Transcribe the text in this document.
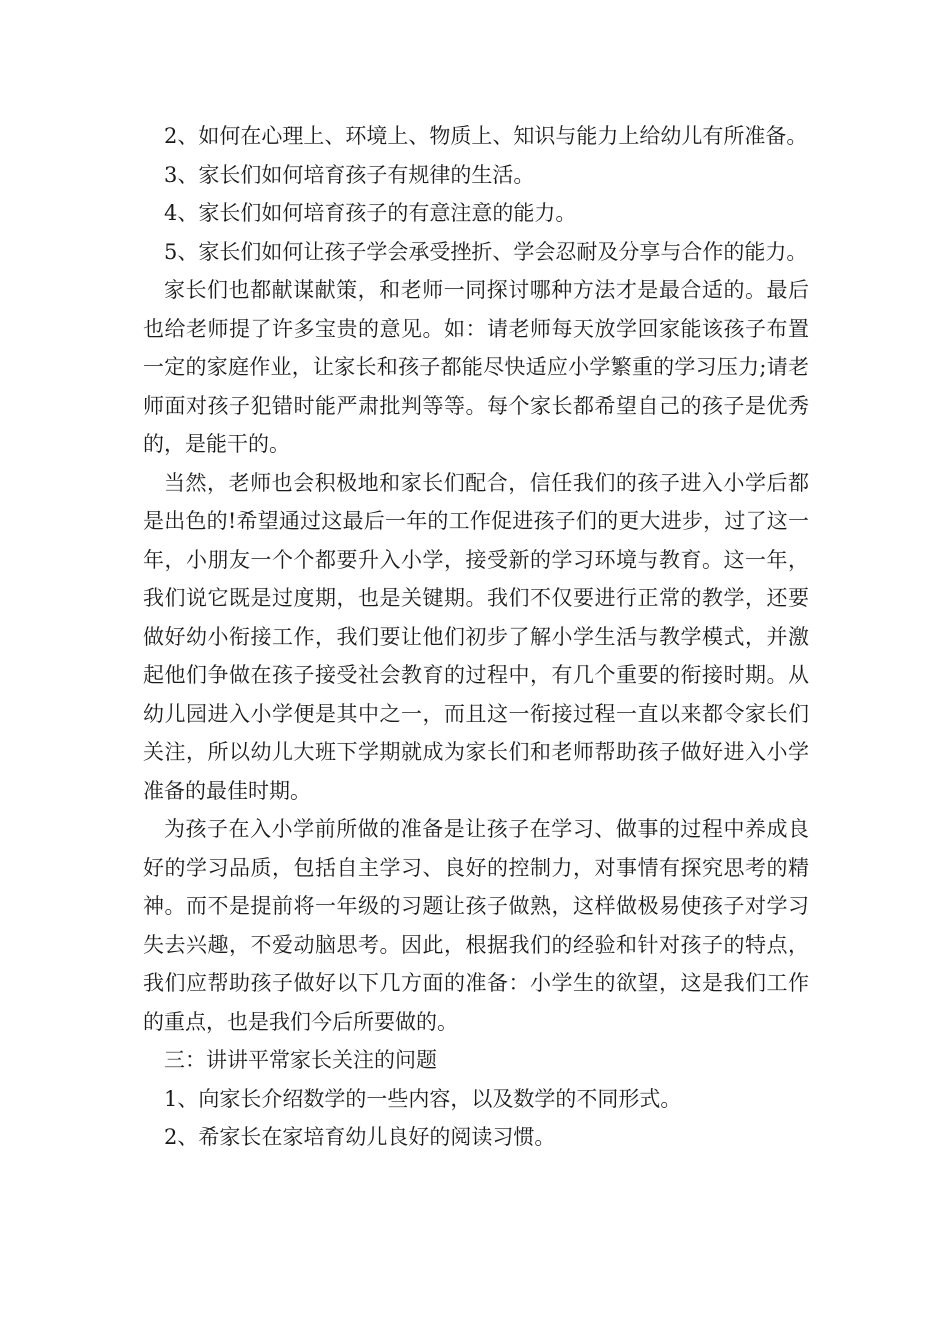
2、如何在心理上、环境上、物质上、知识与能力上给幼儿有所准备。

3、家长们如何培育孩子有规律的生活。

4、家长们如何培育孩子的有意注意的能力。

5、家长们如何让孩子学会承受挫折、学会忍耐及分享与合作的能力。

家长们也都献谋献策，和老师一同探讨哪种方法才是最合适的。最后也给老师提了许多宝贵的意见。如：请老师每天放学回家能该孩子布置一定的家庭作业，让家长和孩子都能尽快适应小学繁重的学习压力;请老师面对孩子犯错时能严肃批判等等。每个家长都希望自己的孩子是优秀的，是能干的。

当然，老师也会积极地和家长们配合，信任我们的孩子进入小学后都是出色的!希望通过这最后一年的工作促进孩子们的更大进步，过了这一年，小朋友一个个都要升入小学，接受新的学习环境与教育。这一年，我们说它既是过度期，也是关键期。我们不仅要进行正常的教学，还要做好幼小衔接工作，我们要让他们初步了解小学生活与教学模式，并激起他们争做在孩子接受社会教育的过程中，有几个重要的衔接时期。从幼儿园进入小学便是其中之一，而且这一衔接过程一直以来都令家长们关注，所以幼儿大班下学期就成为家长们和老师帮助孩子做好进入小学准备的最佳时期。

为孩子在入小学前所做的准备是让孩子在学习、做事的过程中养成良好的学习品质，包括自主学习、良好的控制力，对事情有探究思考的精神。而不是提前将一年级的习题让孩子做熟，这样做极易使孩子对学习失去兴趣，不爱动脑思考。因此，根据我们的经验和针对孩子的特点，我们应帮助孩子做好以下几方面的准备：小学生的欲望，这是我们工作的重点，也是我们今后所要做的。

三：讲讲平常家长关注的问题

1、向家长介绍数学的一些内容，以及数学的不同形式。

2、希家长在家培育幼儿良好的阅读习惯。
